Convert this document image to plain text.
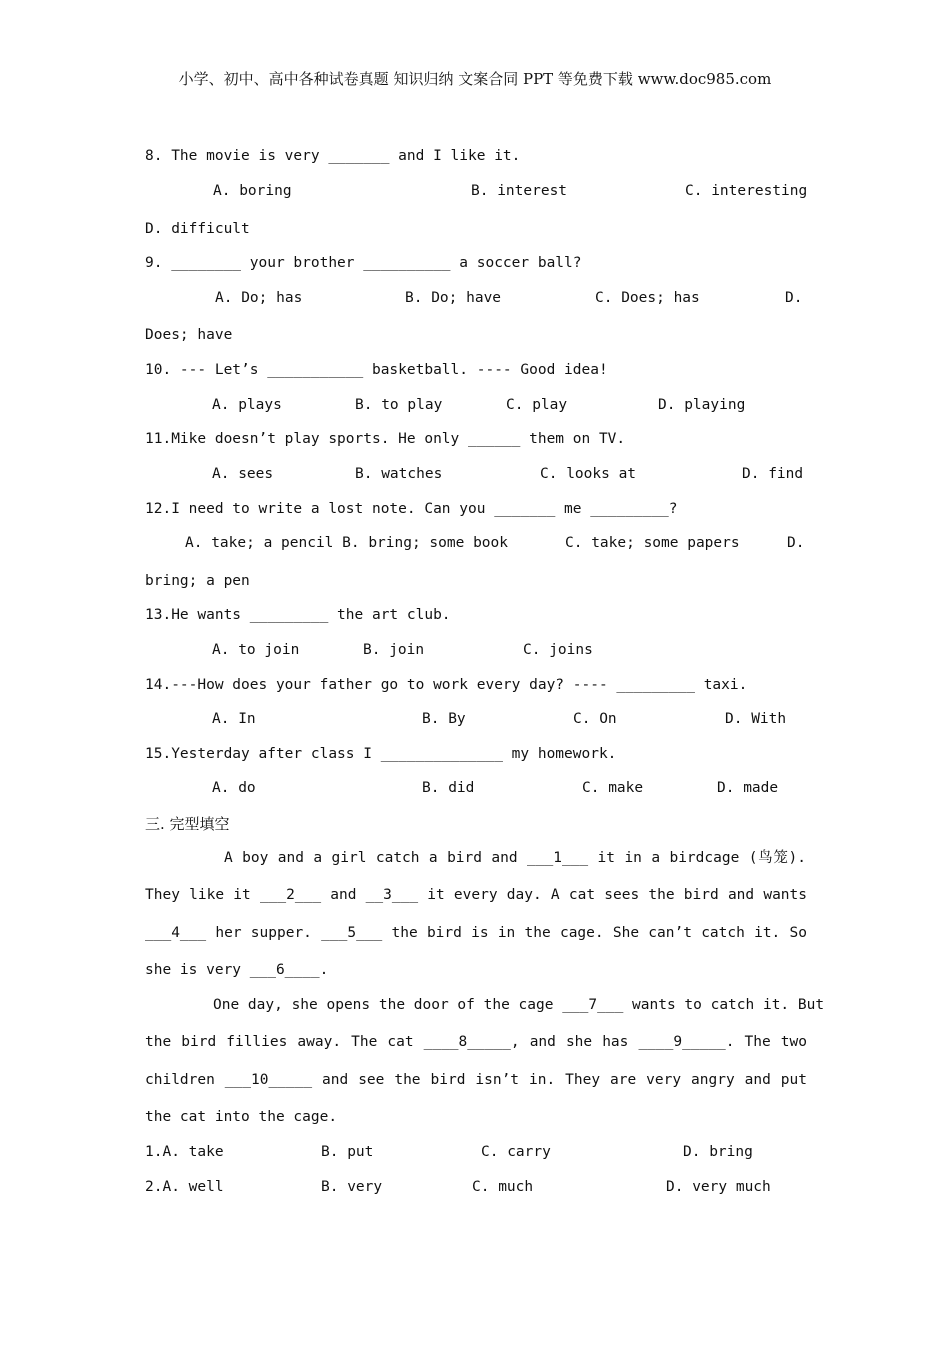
小学、初中、高中各种试卷真题 知识归纳 文案合同 PPT 等免费下载 www.doc985.com
8. The movie is very _______ and I like it.
A. boring	B. interest	C. interesting
D. difficult
9. ________ your brother __________ a soccer ball?
A. Do; has	B. Do; have	C. Does; has	D.
Does; have
10. --- Let’s ___________ basketball. ---- Good idea!
A. plays	B. to play	C. play	D. playing
11.Mike doesn’t play sports. He only ______ them on TV.
A. sees	B. watches	C. looks at	D. find
12.I need to write a lost note. Can you _______ me _________?
A. take; a pencil B. bring; some book	C. take; some papers	D.
bring; a pen
13.He wants _________ the art club.
A. to join	B. join	C. joins
14.---How does your father go to work every day? ---- _________ taxi.
A. In	B. By	C. On	D. With
15.Yesterday after class I ______________ my homework.
A. do	B. did	C. make	D. made
三. 完型填空
A boy and a girl catch a bird and ___1___ it in a birdcage (鸟笼).
They like it ___2___ and __3___ it every day. A cat sees the bird and wants
___4___ her supper. ___5___ the bird is in the cage. She can’t catch it. So
she is very ___6____.
One day, she opens the door of the cage ___7___ wants to catch it. But
the bird fillies away. The cat ____8_____, and she has ____9_____. The two
children ___10_____ and see the bird isn’t in. They are very angry and put
the cat into the cage.
1.A. take	B. put	C. carry	D. bring
2.A. well	B. very	C. much	D. very much
